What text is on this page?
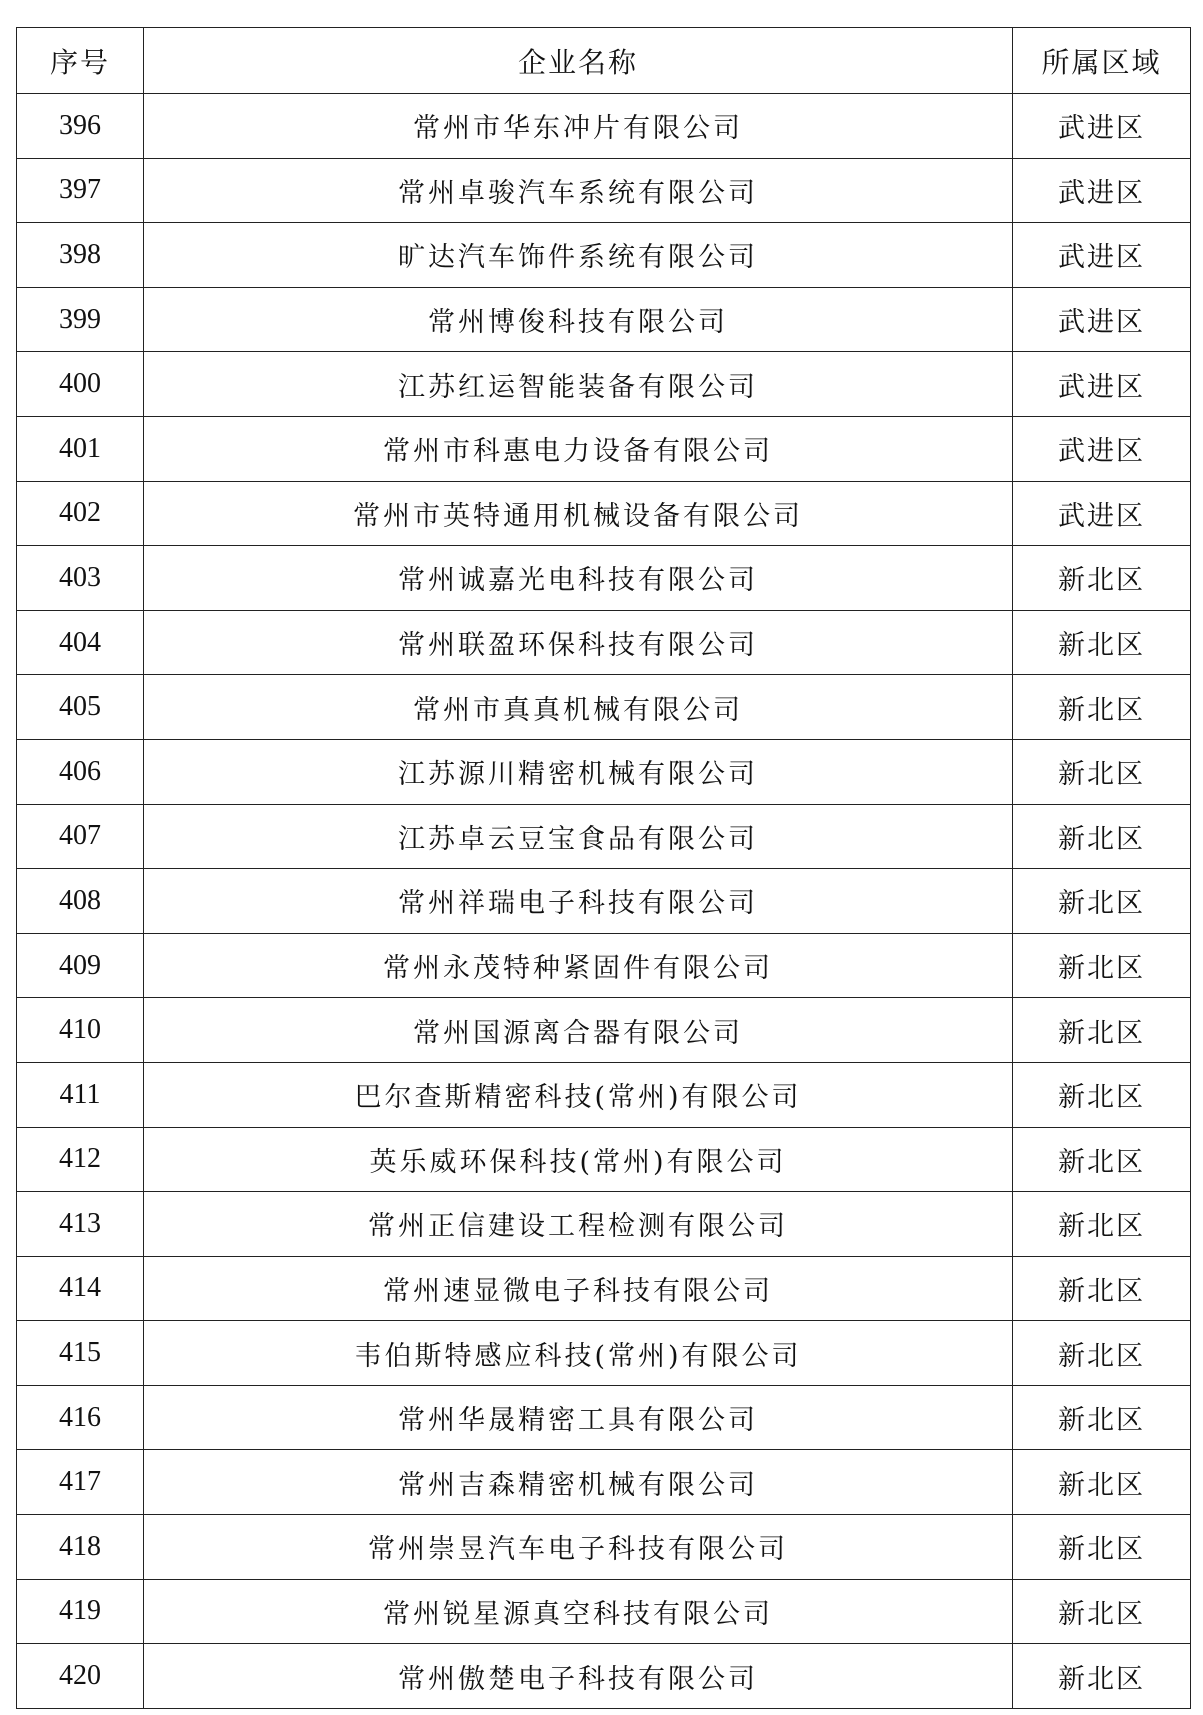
序号	企业名称	所属区域
396	常州市华东冲片有限公司	武进区
397	常州卓骏汽车系统有限公司	武进区
398	旷达汽车饰件系统有限公司	武进区
399	常州博俊科技有限公司	武进区
400	江苏红运智能装备有限公司	武进区
401	常州市科惠电力设备有限公司	武进区
402	常州市英特通用机械设备有限公司	武进区
403	常州诚嘉光电科技有限公司	新北区
404	常州联盈环保科技有限公司	新北区
405	常州市真真机械有限公司	新北区
406	江苏源川精密机械有限公司	新北区
407	江苏卓云豆宝食品有限公司	新北区
408	常州祥瑞电子科技有限公司	新北区
409	常州永茂特种紧固件有限公司	新北区
410	常州国源离合器有限公司	新北区
411	巴尔查斯精密科技(常州)有限公司	新北区
412	英乐威环保科技(常州)有限公司	新北区
413	常州正信建设工程检测有限公司	新北区
414	常州速显微电子科技有限公司	新北区
415	韦伯斯特感应科技(常州)有限公司	新北区
416	常州华晟精密工具有限公司	新北区
417	常州吉森精密机械有限公司	新北区
418	常州崇昱汽车电子科技有限公司	新北区
419	常州锐星源真空科技有限公司	新北区
420	常州傲楚电子科技有限公司	新北区
